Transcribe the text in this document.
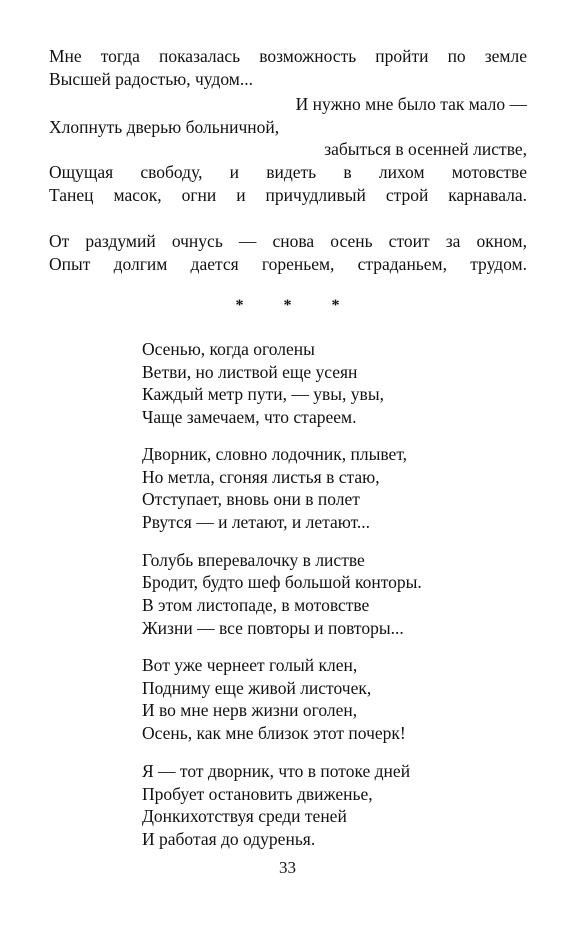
Мне тогда показалась возможность пройти по земле
Высшей радостью, чудом...
И нужно мне было так мало —
Хлопнуть дверью больничной,
забыться в осенней листве,
Ощущая свободу, и видеть в лихом мотовстве
Танец масок, огни и причудливый строй карнавала.
От раздумий очнусь — снова осень стоит за окном,
Опыт долгим дается гореньем, страданьем, трудом.
* * *
Осенью, когда оголены
Ветви, но листвой еще усеян
Каждый метр пути, — увы, увы,
Чаще замечаем, что стареем.
Дворник, словно лодочник, плывет,
Но метла, сгоняя листья в стаю,
Отступает, вновь они в полет
Рвутся — и летают, и летают...
Голубь вперевалочку в листве
Бродит, будто шеф большой конторы.
В этом листопаде, в мотовстве
Жизни — все повторы и повторы...
Вот уже чернеет голый клен,
Подниму еще живой листочек,
И во мне нерв жизни оголен,
Осень, как мне близок этот почерк!
Я — тот дворник, что в потоке дней
Пробует остановить движенье,
Донкихотствуя среди теней
И работая до одуренья.
33
